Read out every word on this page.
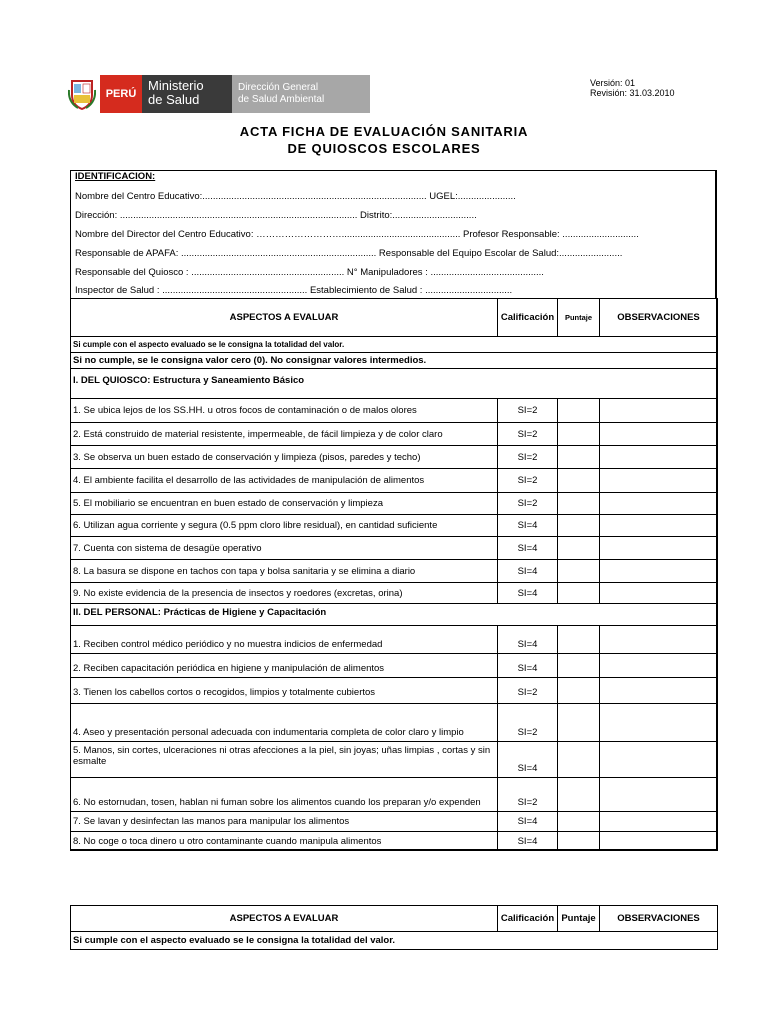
PERÚ
Ministerio
de Salud
Dirección General
de Salud Ambiental
Versión: 01
Revisión: 31.03.2010
ACTA FICHA DE EVALUACIÓN SANITARIA
DE QUIOSCOS ESCOLARES
IDENTIFICACION:
Nombre del Centro Educativo:..................................................................................... UGEL:......................
Dirección: .......................................................................................... Distrito:................................
Nombre del Director del Centro Educativo: ………………………............................................. Profesor Responsable: .............................
Responsable de APAFA: .......................................................................... Responsable del Equipo Escolar de Salud:........................
Responsable del Quiosco : .......................................................... N° Manipuladores : ...........................................
Inspector de Salud : ....................................................... Establecimiento de Salud : .................................
ASPECTOS A EVALUAR	Calificación	Puntaje	OBSERVACIONES
Si cumple con el aspecto evaluado se le consigna la totalidad del valor.			
Si no cumple, se le consigna valor cero (0). No consignar valores intermedios.			
I. DEL QUIOSCO: Estructura y Saneamiento Básico			
1. Se ubica lejos de los SS.HH. u otros focos de contaminación o de malos olores	SI=2		
2. Está construido de material resistente, impermeable, de fácil limpieza y de color claro	SI=2		
3. Se observa un buen estado de conservación y limpieza (pisos, paredes y techo)	SI=2		
4. El ambiente facilita el desarrollo de las actividades de manipulación de alimentos	SI=2		
5. El mobiliario se encuentran en buen estado de conservación y limpieza	SI=2		
6. Utilizan agua corriente y segura (0.5 ppm cloro libre residual), en cantidad suficiente	SI=4		
7. Cuenta con sistema de desagüe operativo	SI=4		
8. La basura se dispone en tachos con tapa y bolsa sanitaria y se elimina a diario	SI=4		
9. No existe evidencia de la presencia de insectos y roedores (excretas, orina)	SI=4		
II. DEL PERSONAL: Prácticas de Higiene y Capacitación			
1. Reciben control médico periódico y no muestra indicios de enfermedad	SI=4		
2. Reciben capacitación periódica en higiene y manipulación de alimentos	SI=4		
3. Tienen los cabellos cortos o recogidos, limpios y totalmente cubiertos	SI=2		
4. Aseo y presentación personal adecuada con indumentaria completa de color claro y limpio	SI=2		
5. Manos, sin cortes, ulceraciones ni otras afecciones a la piel, sin joyas; uñas limpias , cortas y sin esmalte	SI=4		
6. No estornudan, tosen, hablan ni fuman sobre los alimentos cuando los preparan y/o expenden	SI=2		
7. Se lavan y desinfectan las manos para manipular los alimentos	SI=4		
8. No coge o toca dinero u otro contaminante cuando manipula alimentos	SI=4		
ASPECTOS A EVALUAR	Calificación	Puntaje	OBSERVACIONES
Si cumple con el aspecto evaluado se le consigna la totalidad del valor.
